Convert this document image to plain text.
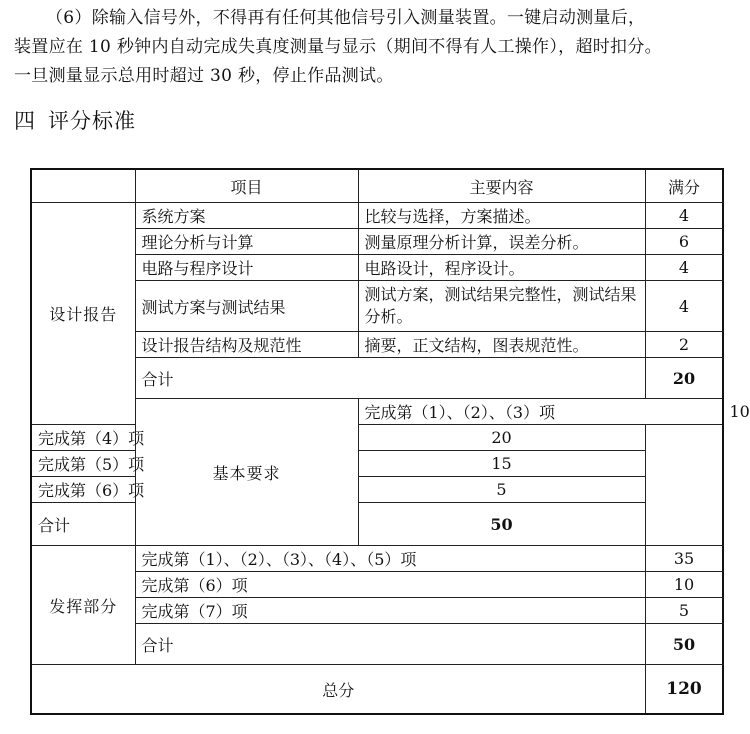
（6）除输入信号外，不得再有任何其他信号引入测量装置。一键启动测量后，
装置应在 10 秒钟内自动完成失真度测量与显示（期间不得有人工操作），超时扣分。
一旦测量显示总用时超过 30 秒，停止作品测试。
四 评分标准
	项目	主要内容	满分	
设计报告	系统方案	比较与选择，方案描述。	4	
	理论分析与计算	测量原理分析计算，误差分析。	6	
	电路与程序设计	电路设计，程序设计。	4	
	测试方案与测试结果	测试方案，测试结果完整性，测试结果分析。	4	
	设计报告结构及规范性	摘要，正文结构，图表规范性。	2	
	合计		20	
	基本要求	完成第（1）、（2）、（3）项		10
完成第（4）项		20		
完成第（5）项		15		
完成第（6）项		5		
合计		50		
发挥部分	完成第（1）、（2）、（3）、（4）、（5）项		35	
	完成第（6）项		10	
	完成第（7）项		5	
	合计		50	
总分			120	
